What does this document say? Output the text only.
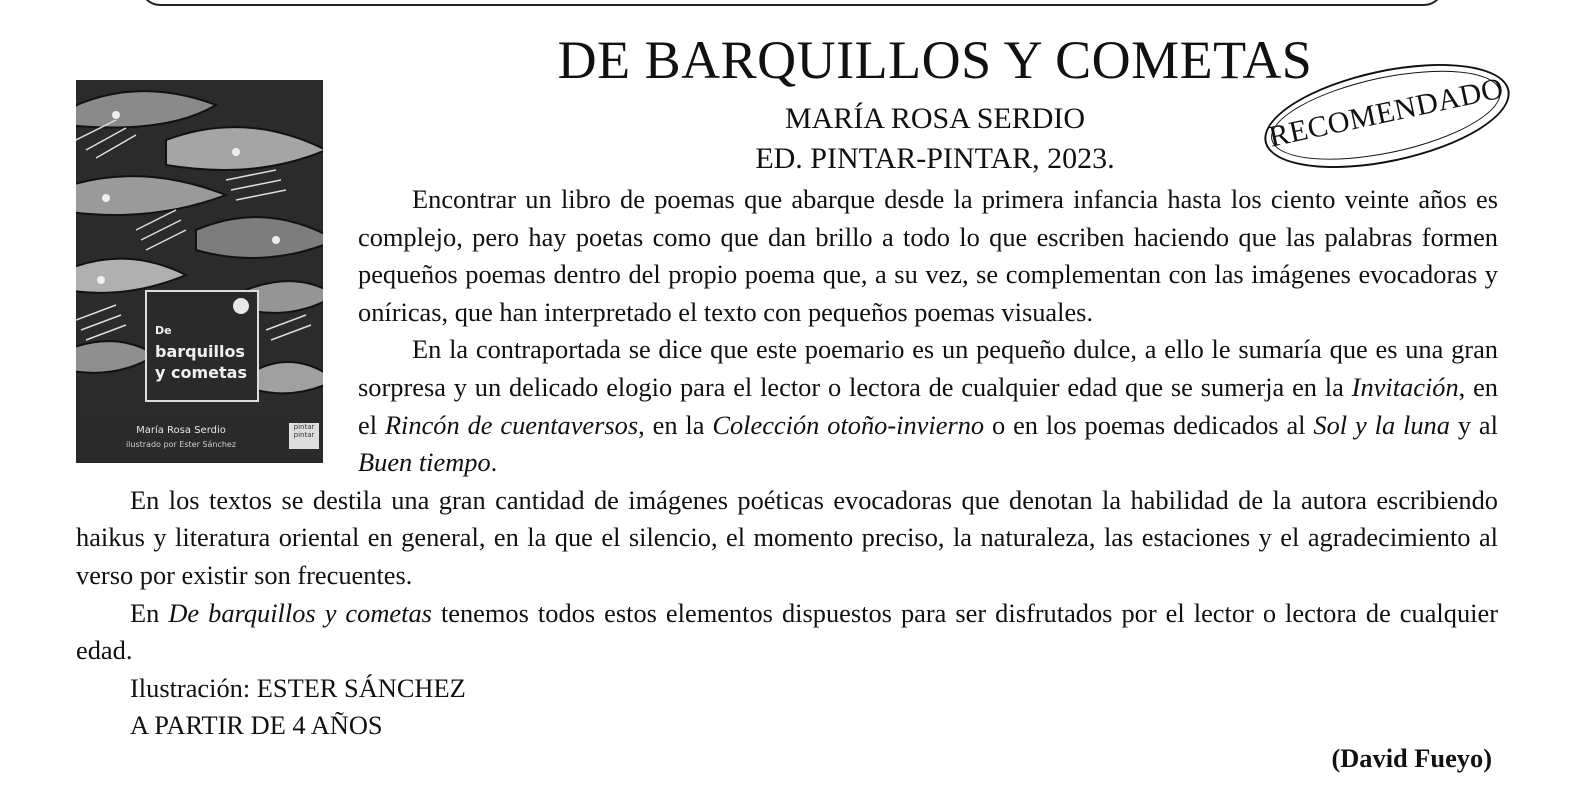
De
barquillos
y cometas
María Rosa Serdio
ilustrado por Ester Sánchez
pintar pintar
DE BARQUILLOS Y COMETAS
MARÍA ROSA SERDIO
ED. PINTAR-PINTAR, 2023.
RECOMENDADO

Encontrar un libro de poemas que abarque desde la primera infancia hasta los ciento veinte años es complejo, pero hay poetas como que dan brillo a todo lo que escriben haciendo que las palabras formen pequeños poemas dentro del propio poema que, a su vez, se complementan con las imágenes evocadoras y oníricas, que han interpretado el texto con pequeños poemas visuales.

En la contraportada se dice que este poemario es un pequeño dulce, a ello le sumaría que es una gran sorpresa y un delicado elogio para el lector o lectora de cualquier edad que se sumerja en la Invitación, en el Rincón de cuentaversos, en la Colección otoño-invierno o en los poemas dedicados al Sol y la luna y al Buen tiempo.

En los textos se destila una gran cantidad de imágenes poéticas evocadoras que denotan la habilidad de la autora escribiendo haikus y literatura oriental en general, en la que el silencio, el momento preciso, la naturaleza, las estaciones y el agradecimiento al verso por existir son frecuentes.

En De barquillos y cometas tenemos todos estos elementos dispuestos para ser disfrutados por el lector o lectora de cualquier edad.

Ilustración: ESTER SÁNCHEZ

A PARTIR DE 4 AÑOS

(David Fueyo)
